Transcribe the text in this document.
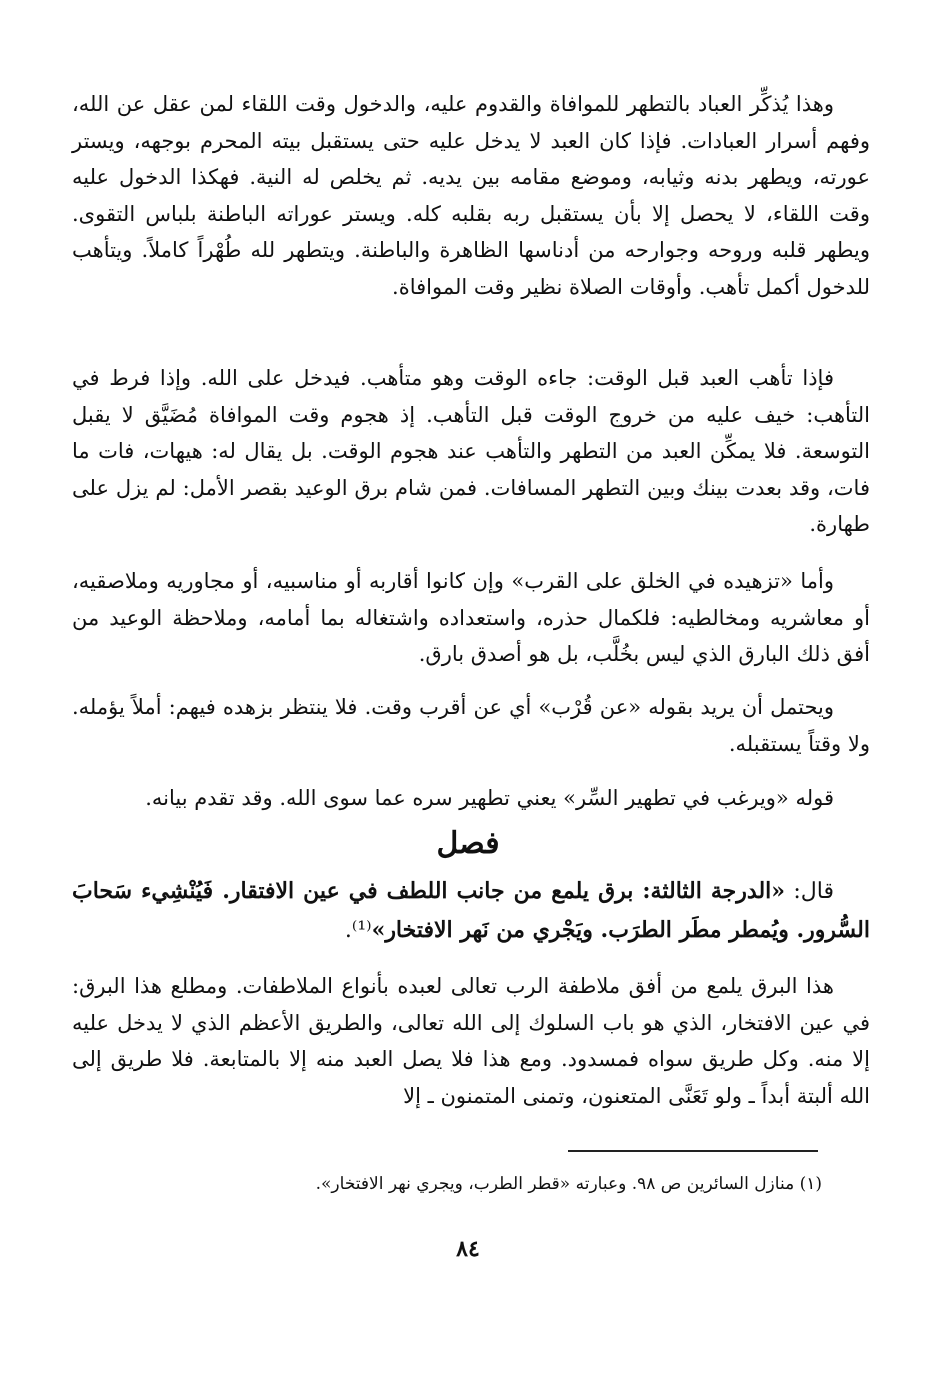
وهذا يُذكِّر العباد بالتطهر للموافاة والقدوم عليه، والدخول وقت اللقاء لمن عقل عن الله، وفهم أسرار العبادات. فإذا كان العبد لا يدخل عليه حتى يستقبل بيته المحرم بوجهه، ويستر عورته، ويطهر بدنه وثيابه، وموضع مقامه بين يديه. ثم يخلص له النية. فهكذا الدخول عليه وقت اللقاء، لا يحصل إلا بأن يستقبل ربه بقلبه كله. ويستر عوراته الباطنة بلباس التقوى. ويطهر قلبه وروحه وجوارحه من أدناسها الظاهرة والباطنة. ويتطهر لله طُهْراً كاملاً. ويتأهب للدخول أكمل تأهب. وأوقات الصلاة نظير وقت الموافاة.

فإذا تأهب العبد قبل الوقت: جاءه الوقت وهو متأهب. فيدخل على الله. وإذا فرط في التأهب: خيف عليه من خروج الوقت قبل التأهب. إذ هجوم وقت الموافاة مُضَيَّق لا يقبل التوسعة. فلا يمكِّن العبد من التطهر والتأهب عند هجوم الوقت. بل يقال له: هيهات، فات ما فات، وقد بعدت بينك وبين التطهر المسافات. فمن شام برق الوعيد بقصر الأمل: لم يزل على طهارة.

وأما «تزهيده في الخلق على القرب» وإن كانوا أقاربه أو مناسبيه، أو مجاوريه وملاصقيه، أو معاشريه ومخالطيه: فلكمال حذره، واستعداده واشتغاله بما أمامه، وملاحظة الوعيد من أفق ذلك البارق الذي ليس بخُلَّب، بل هو أصدق بارق.

ويحتمل أن يريد بقوله «عن قُرْب» أي عن أقرب وقت. فلا ينتظر بزهده فيهم: أملاً يؤمله. ولا وقتاً يستقبله.

قوله «ويرغب في تطهير السِّر» يعني تطهير سره عما سوى الله. وقد تقدم بيانه.

فصل

قال: «الدرجة الثالثة: برق يلمع من جانب اللطف في عين الافتقار. فَيُنْشِيء سَحابَ السُّرور. ويُمطر مطَر الطرَب. ويَجْري من نَهر الافتخار»⁽¹⁾.

هذا البرق يلمع من أفق ملاطفة الرب تعالى لعبده بأنواع الملاطفات. ومطلع هذا البرق: في عين الافتخار، الذي هو باب السلوك إلى الله تعالى، والطريق الأعظم الذي لا يدخل عليه إلا منه. وكل طريق سواه فمسدود. ومع هذا فلا يصل العبد منه إلا بالمتابعة. فلا طريق إلى الله ألبتة أبداً ـ ولو تَعَنَّى المتعنون، وتمنى المتمنون ـ إلا

(١) منازل السائرين ص ٩٨. وعبارته «قطر الطرب، ويجري نهر الافتخار».
٨٤
